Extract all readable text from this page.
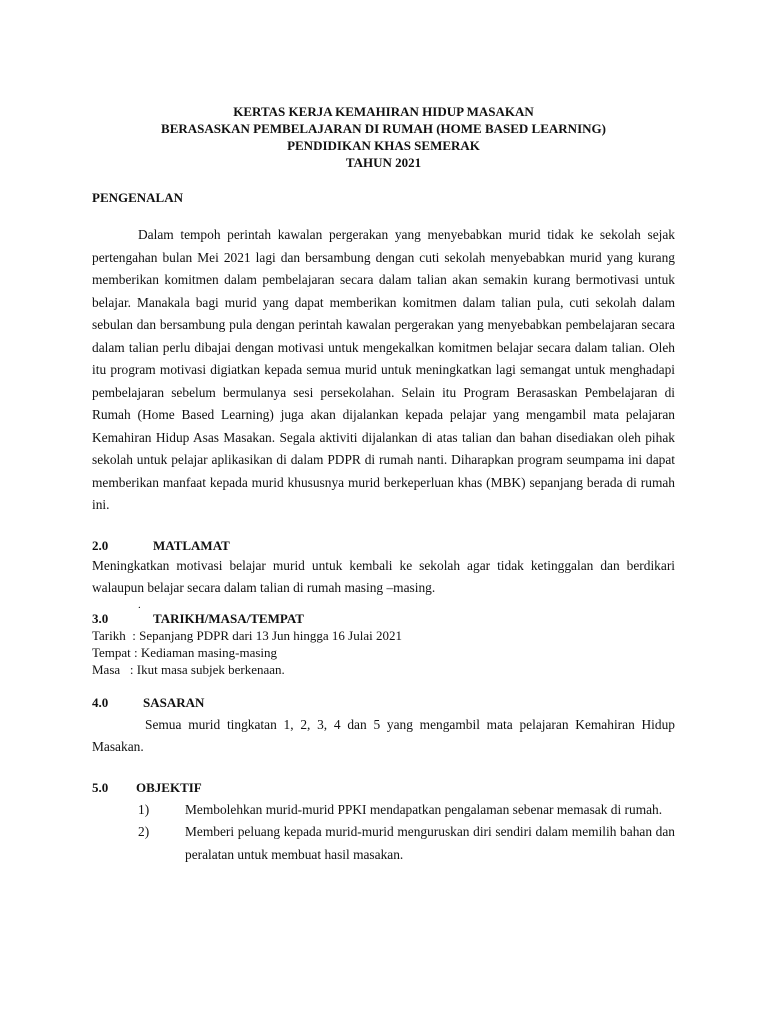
KERTAS KERJA KEMAHIRAN HIDUP MASAKAN
BERASASKAN PEMBELAJARAN DI RUMAH (HOME BASED LEARNING)
PENDIDIKAN KHAS SEMERAK
TAHUN 2021
PENGENALAN

Dalam tempoh perintah kawalan pergerakan yang menyebabkan murid tidak ke sekolah sejak pertengahan bulan Mei 2021 lagi dan bersambung dengan cuti sekolah menyebabkan murid yang kurang memberikan komitmen dalam pembelajaran secara dalam talian akan semakin kurang bermotivasi untuk belajar. Manakala bagi murid yang dapat memberikan komitmen dalam talian pula, cuti sekolah dalam sebulan dan bersambung pula dengan perintah kawalan pergerakan yang menyebabkan pembelajaran secara dalam talian perlu dibajai dengan motivasi untuk mengekalkan komitmen belajar secara dalam talian. Oleh itu program motivasi digiatkan kepada semua murid untuk meningkatkan lagi semangat untuk menghadapi pembelajaran sebelum bermulanya sesi persekolahan. Selain itu Program Berasaskan Pembelajaran di Rumah (Home Based Learning) juga akan dijalankan kepada pelajar yang mengambil mata pelajaran Kemahiran Hidup Asas Masakan. Segala aktiviti dijalankan di atas talian dan bahan disediakan oleh pihak sekolah untuk pelajar aplikasikan di dalam PDPR di rumah nanti. Diharapkan program seumpama ini dapat memberikan manfaat kepada murid khususnya murid berkeperluan khas (MBK) sepanjang berada di rumah ini.

2.0	MATLAMAT

Meningkatkan motivasi belajar murid untuk kembali ke sekolah agar tidak ketinggalan dan berdikari walaupun belajar secara dalam talian di rumah masing –masing.

.
3.0	TARIKH/MASA/TEMPAT
Tarikh  : Sepanjang PDPR dari 13 Jun hingga 16 Julai 2021
Tempat : Kediaman masing-masing
Masa   : Ikut masa subjek berkenaan.
4.0	SASARAN

Semua murid tingkatan 1, 2, 3, 4 dan 5 yang mengambil mata pelajaran Kemahiran Hidup Masakan.

5.0 OBJEKTIF
1)	Membolehkan murid-murid PPKI mendapatkan pengalaman sebenar memasak di rumah.
2)	Memberi peluang kepada murid-murid menguruskan diri sendiri dalam memilih bahan dan peralatan untuk membuat hasil masakan.
